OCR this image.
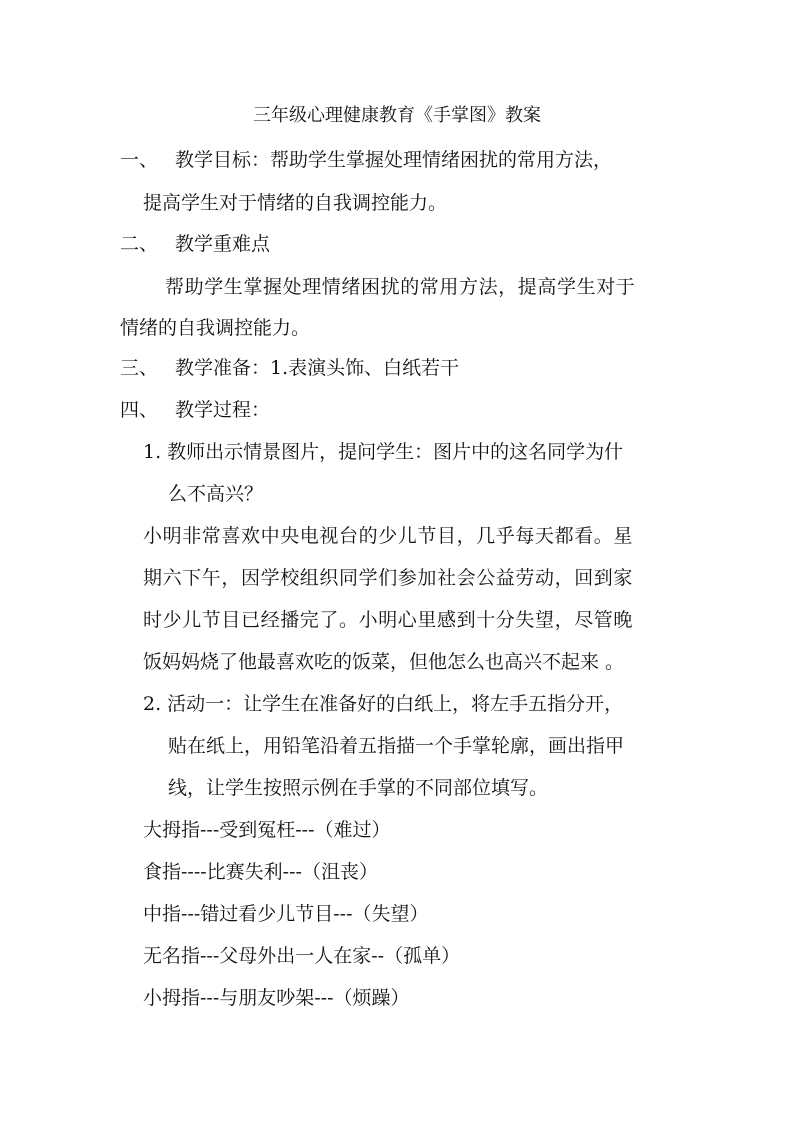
三年级心理健康教育《手掌图》教案
一、 教学目标：帮助学生掌握处理情绪困扰的常用方法，
提高学生对于情绪的自我调控能力。
二、 教学重难点
帮助学生掌握处理情绪困扰的常用方法，提高学生对于
情绪的自我调控能力。
三、 教学准备：1.表演头饰、白纸若干
四、 教学过程：
1. 教师出示情景图片，提问学生：图片中的这名同学为什
么不高兴？
小明非常喜欢中央电视台的少儿节目，几乎每天都看。星
期六下午，因学校组织同学们参加社会公益劳动，回到家
时少儿节目已经播完了。小明心里感到十分失望，尽管晚
饭妈妈烧了他最喜欢吃的饭菜，但他怎么也高兴不起来 。
2. 活动一：让学生在准备好的白纸上，将左手五指分开，
贴在纸上，用铅笔沿着五指描一个手掌轮廓，画出指甲
线，让学生按照示例在手掌的不同部位填写。
大拇指---受到冤枉---（难过）
食指----比赛失利---（沮丧）
中指---错过看少儿节目---（失望）
无名指---父母外出一人在家--（孤单）
小拇指---与朋友吵架---（烦躁）
